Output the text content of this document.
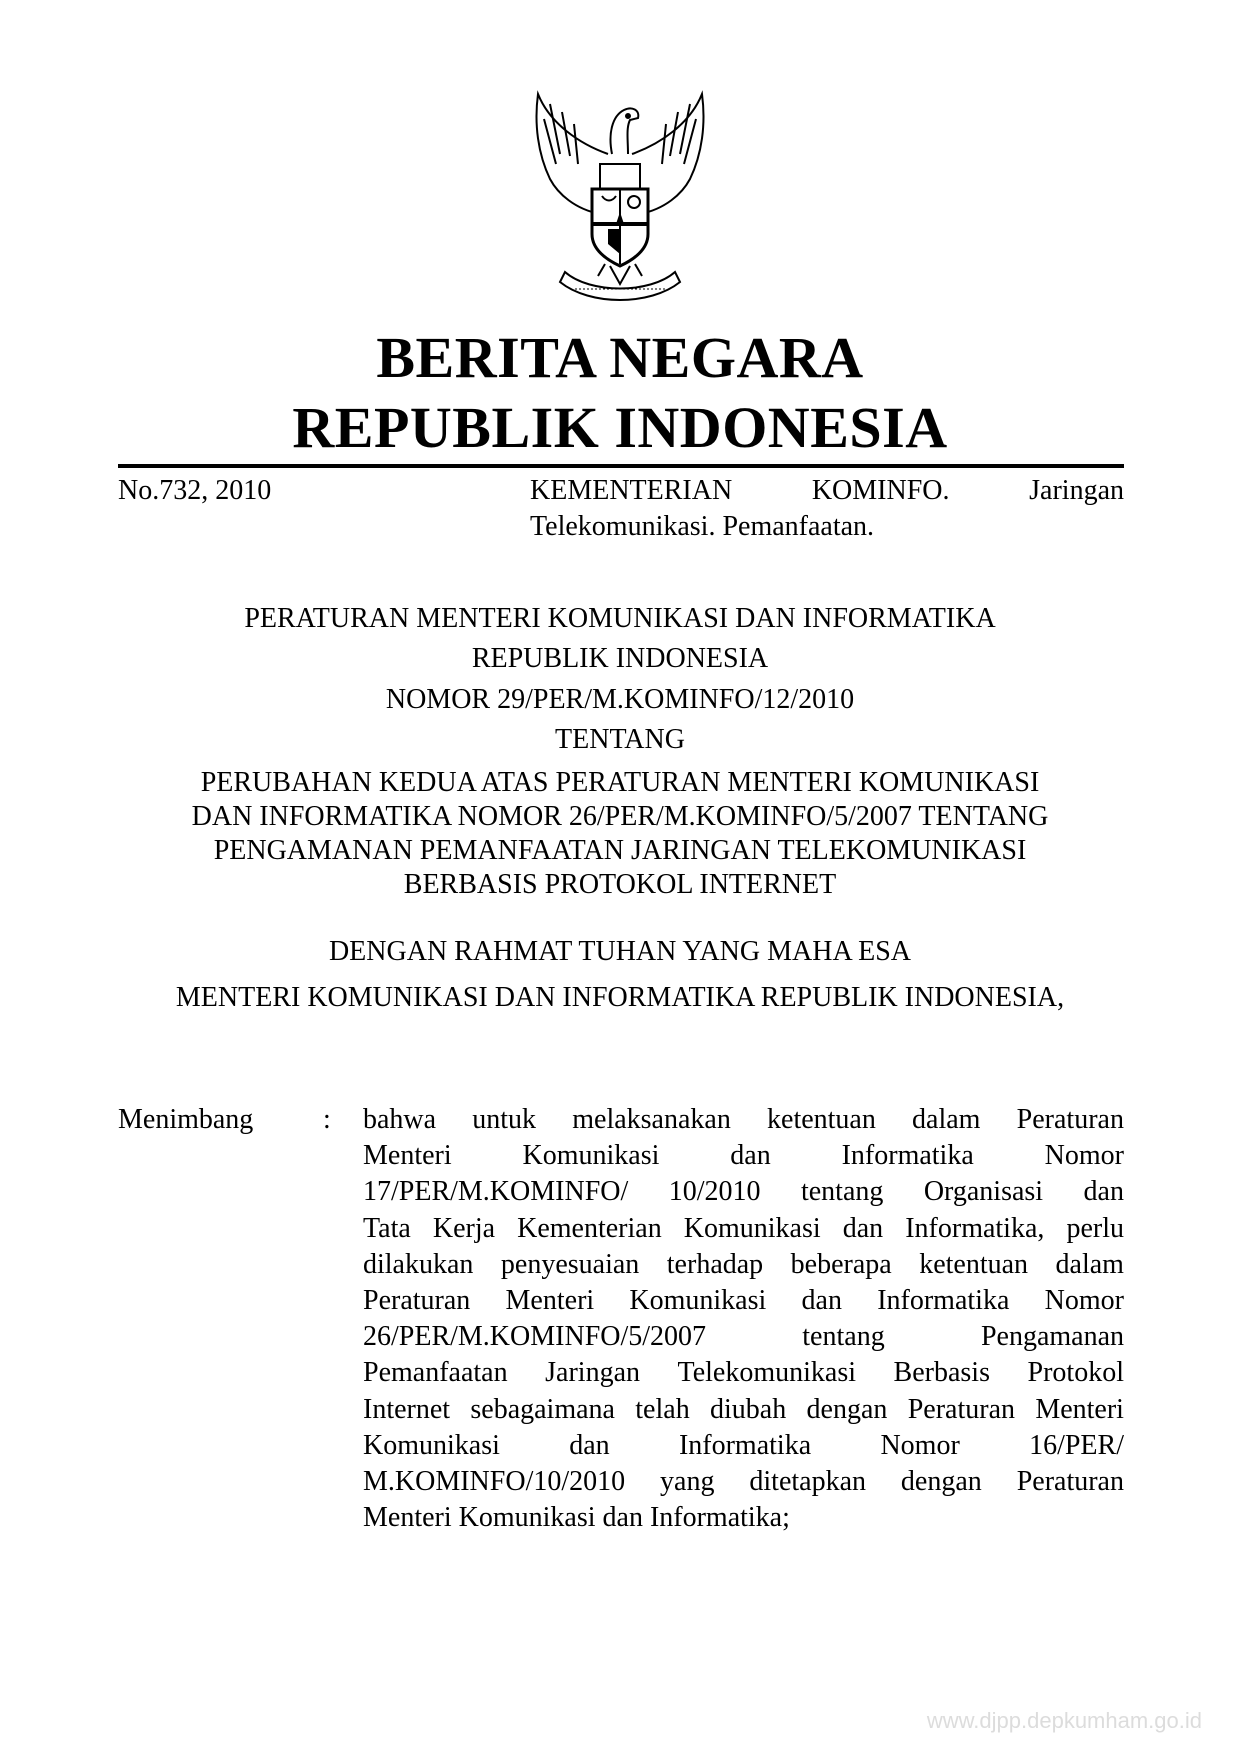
BERITA NEGARA
REPUBLIK INDONESIA
No.732, 2010	KEMENTERIAN	KOMINFO.	Jaringan
Telekomunikasi. Pemanfaatan.
PERATURAN MENTERI KOMUNIKASI DAN INFORMATIKA
REPUBLIK INDONESIA
NOMOR 29/PER/M.KOMINFO/12/2010
TENTANG
PERUBAHAN KEDUA ATAS PERATURAN MENTERI KOMUNIKASI
DAN INFORMATIKA NOMOR 26/PER/M.KOMINFO/5/2007 TENTANG
PENGAMANAN PEMANFAATAN JARINGAN TELEKOMUNIKASI
BERBASIS PROTOKOL INTERNET
DENGAN RAHMAT TUHAN YANG MAHA ESA
MENTERI KOMUNIKASI DAN INFORMATIKA REPUBLIK INDONESIA,
Menimbang : bahwa untuk melaksanakan ketentuan dalam Peraturan
Menteri	Komunikasi	dan	Informatika	Nomor
17/PER/M.KOMINFO/ 10/2010 tentang Organisasi dan
Tata Kerja Kementerian Komunikasi dan Informatika, perlu
dilakukan penyesuaian terhadap beberapa ketentuan dalam
Peraturan Menteri Komunikasi dan Informatika Nomor
26/PER/M.KOMINFO/5/2007	tentang	Pengamanan
Pemanfaatan Jaringan Telekomunikasi Berbasis Protokol
Internet sebagaimana telah diubah dengan Peraturan Menteri
Komunikasi dan Informatika Nomor 16/PER/
M.KOMINFO/10/2010 yang ditetapkan dengan Peraturan
Menteri Komunikasi dan Informatika;
www.djpp.depkumham.go.id
